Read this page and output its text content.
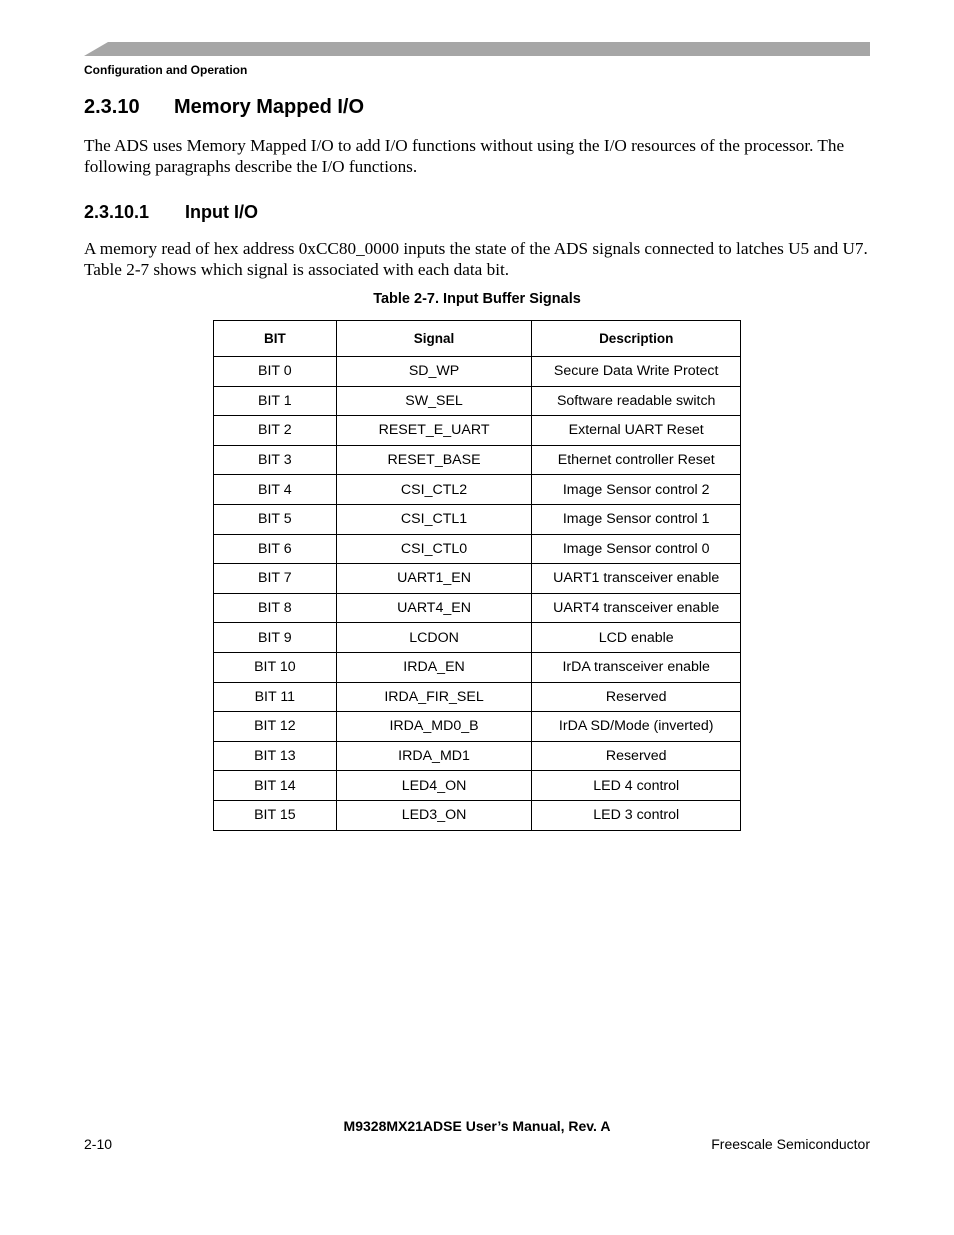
Configuration and Operation
2.3.10 Memory Mapped I/O
The ADS uses Memory Mapped I/O to add I/O functions without using the I/O resources of the processor. The following paragraphs describe the I/O functions.
2.3.10.1 Input I/O
A memory read of hex address 0xCC80_0000 inputs the state of the ADS signals connected to latches U5 and U7. Table 2-7 shows which signal is associated with each data bit.
Table 2-7. Input Buffer Signals
BIT	Signal	Description
BIT 0	SD_WP	Secure Data Write Protect
BIT 1	SW_SEL	Software readable switch
BIT 2	RESET_E_UART	External UART Reset
BIT 3	RESET_BASE	Ethernet controller Reset
BIT 4	CSI_CTL2	Image Sensor control 2
BIT 5	CSI_CTL1	Image Sensor control 1
BIT 6	CSI_CTL0	Image Sensor control 0
BIT 7	UART1_EN	UART1 transceiver enable
BIT 8	UART4_EN	UART4 transceiver enable
BIT 9	LCDON	LCD enable
BIT 10	IRDA_EN	IrDA transceiver enable
BIT 11	IRDA_FIR_SEL	Reserved
BIT 12	IRDA_MD0_B	IrDA SD/Mode (inverted)
BIT 13	IRDA_MD1	Reserved
BIT 14	LED4_ON	LED 4 control
BIT 15	LED3_ON	LED 3 control
M9328MX21ADSE User’s Manual, Rev. A
2-10	Freescale Semiconductor
